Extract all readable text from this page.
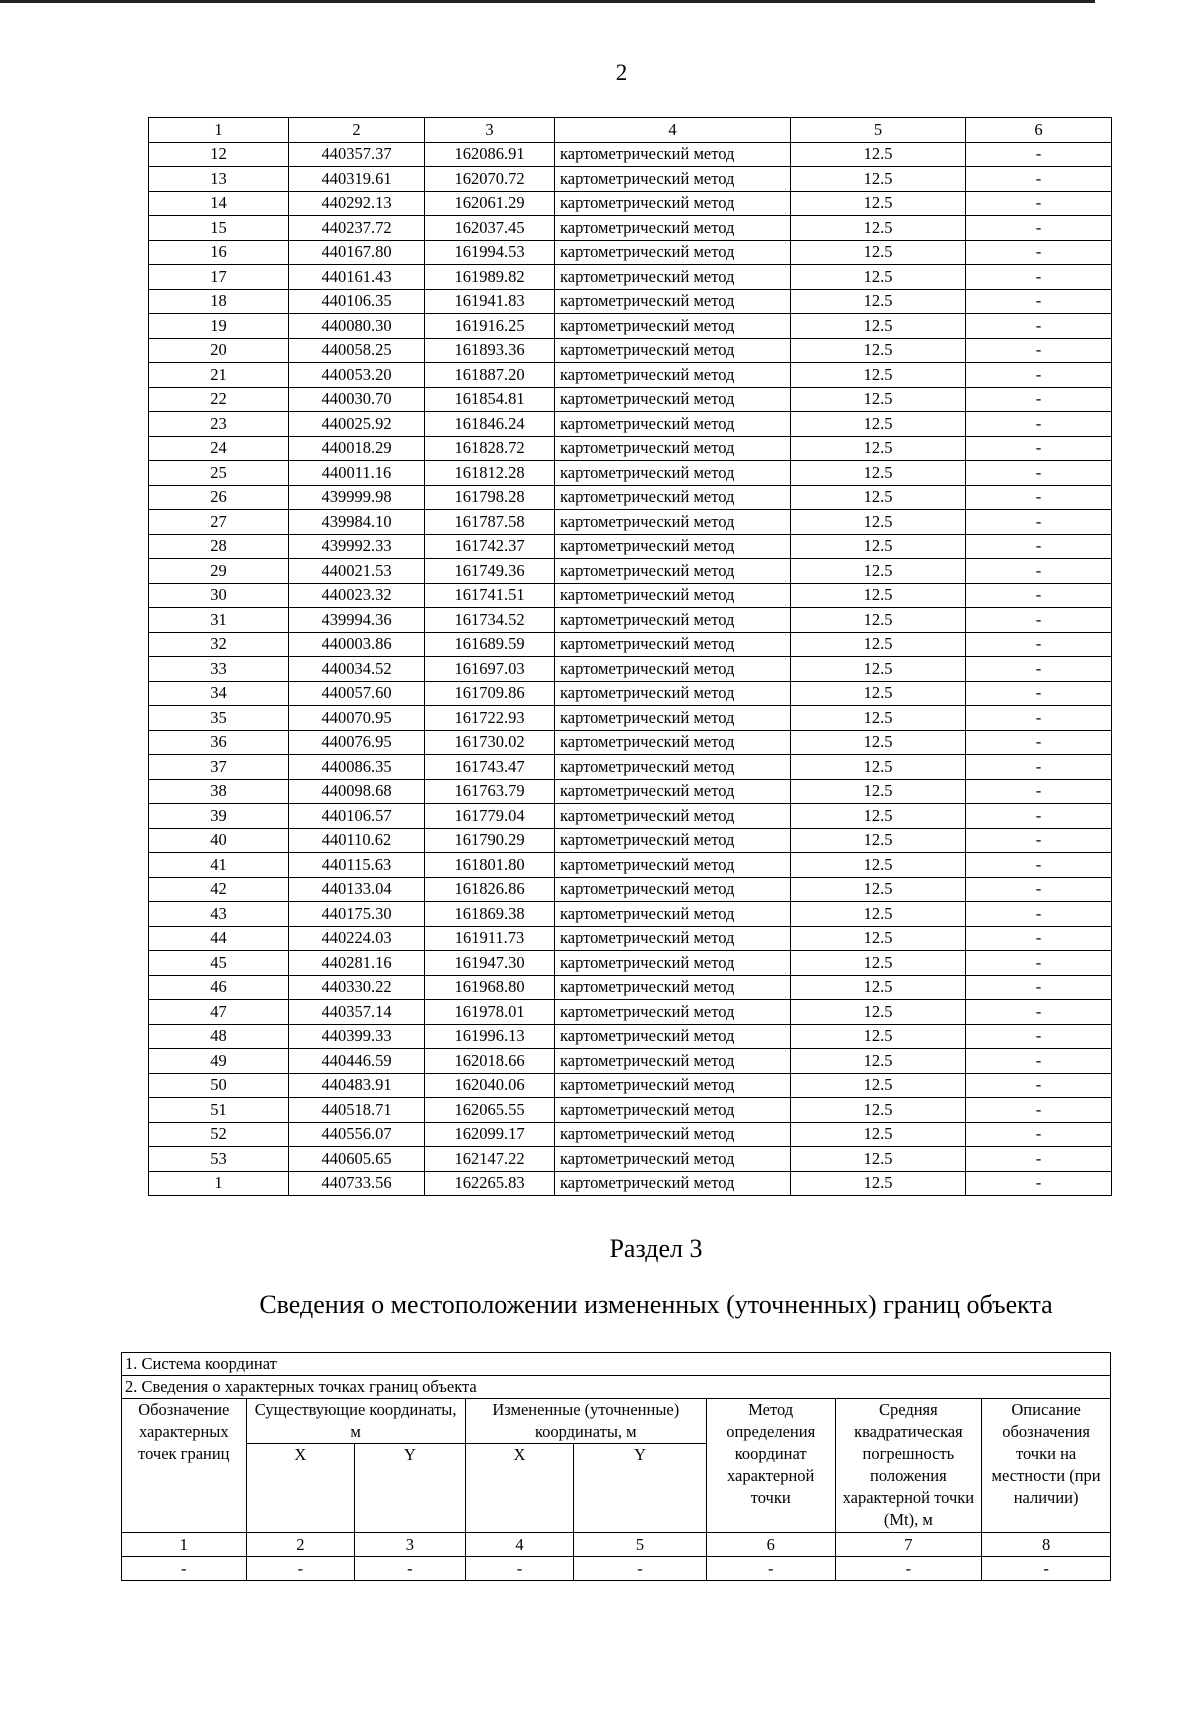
2
1	2	3	4	5	6
12	440357.37	162086.91	картометрический метод	12.5	-
13	440319.61	162070.72	картометрический метод	12.5	-
14	440292.13	162061.29	картометрический метод	12.5	-
15	440237.72	162037.45	картометрический метод	12.5	-
16	440167.80	161994.53	картометрический метод	12.5	-
17	440161.43	161989.82	картометрический метод	12.5	-
18	440106.35	161941.83	картометрический метод	12.5	-
19	440080.30	161916.25	картометрический метод	12.5	-
20	440058.25	161893.36	картометрический метод	12.5	-
21	440053.20	161887.20	картометрический метод	12.5	-
22	440030.70	161854.81	картометрический метод	12.5	-
23	440025.92	161846.24	картометрический метод	12.5	-
24	440018.29	161828.72	картометрический метод	12.5	-
25	440011.16	161812.28	картометрический метод	12.5	-
26	439999.98	161798.28	картометрический метод	12.5	-
27	439984.10	161787.58	картометрический метод	12.5	-
28	439992.33	161742.37	картометрический метод	12.5	-
29	440021.53	161749.36	картометрический метод	12.5	-
30	440023.32	161741.51	картометрический метод	12.5	-
31	439994.36	161734.52	картометрический метод	12.5	-
32	440003.86	161689.59	картометрический метод	12.5	-
33	440034.52	161697.03	картометрический метод	12.5	-
34	440057.60	161709.86	картометрический метод	12.5	-
35	440070.95	161722.93	картометрический метод	12.5	-
36	440076.95	161730.02	картометрический метод	12.5	-
37	440086.35	161743.47	картометрический метод	12.5	-
38	440098.68	161763.79	картометрический метод	12.5	-
39	440106.57	161779.04	картометрический метод	12.5	-
40	440110.62	161790.29	картометрический метод	12.5	-
41	440115.63	161801.80	картометрический метод	12.5	-
42	440133.04	161826.86	картометрический метод	12.5	-
43	440175.30	161869.38	картометрический метод	12.5	-
44	440224.03	161911.73	картометрический метод	12.5	-
45	440281.16	161947.30	картометрический метод	12.5	-
46	440330.22	161968.80	картометрический метод	12.5	-
47	440357.14	161978.01	картометрический метод	12.5	-
48	440399.33	161996.13	картометрический метод	12.5	-
49	440446.59	162018.66	картометрический метод	12.5	-
50	440483.91	162040.06	картометрический метод	12.5	-
51	440518.71	162065.55	картометрический метод	12.5	-
52	440556.07	162099.17	картометрический метод	12.5	-
53	440605.65	162147.22	картометрический метод	12.5	-
1	440733.56	162265.83	картометрический метод	12.5	-
Раздел 3
Сведения о местоположении измененных (уточненных) границ объекта
1. Система координат							
2. Сведения о характерных точках границ объекта							
Обозначение характерных точек границ	Существующие координаты, м		Измененные (уточненные) координаты, м		Метод определения координат характерной точки	Средняя квадратическая погрешность положения характерной точки (Mt), м	Описание обозначения точки на местности (при наличии)
	X	Y	X	Y			
1	2	3	4	5	6	7	8
-	-	-	-	-	-	-	-
